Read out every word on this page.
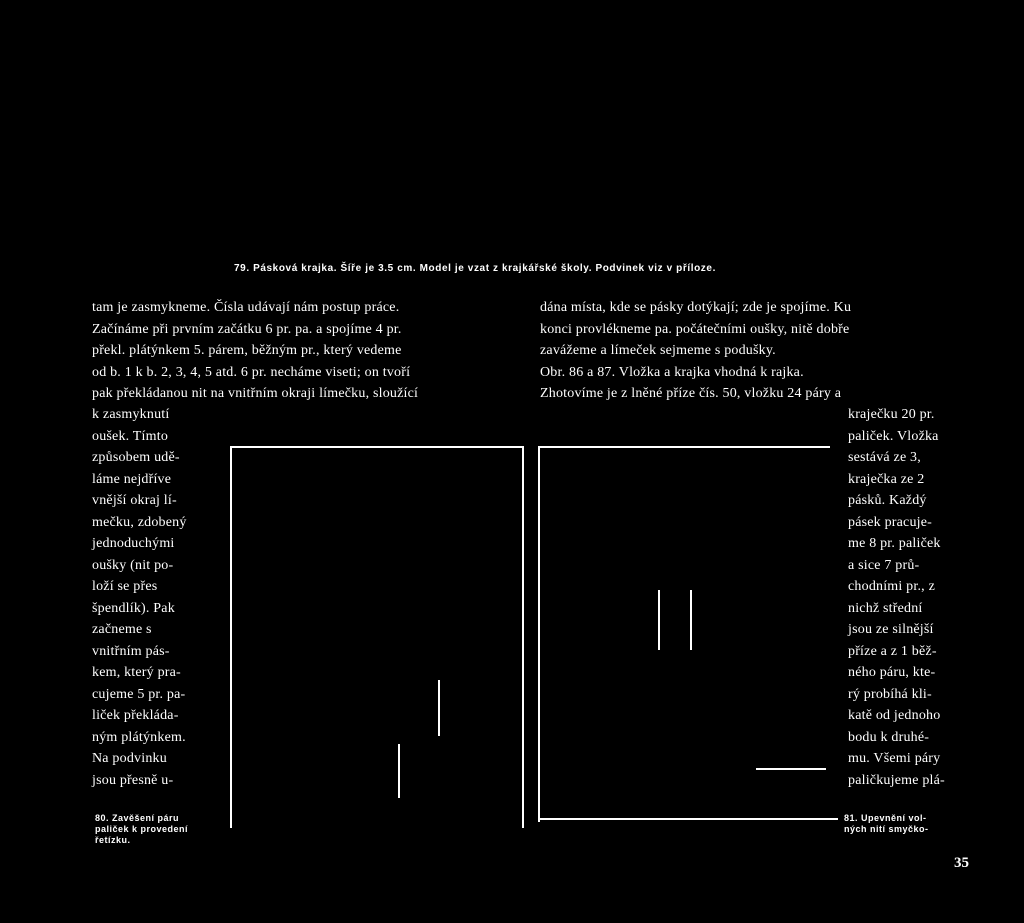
79. Pásková krajka. Šíře je 3.5 cm. Model je vzat z krajkářské školy. Podvinek viz v příloze.
tam je zasmykneme. Čísla udávají nám postup práce.
Začínáme při prvním začátku 6 pr. pa. a spojíme 4 pr.
překl. plátýnkem 5. párem, běžným pr., který vedeme
od b. 1 k b. 2, 3, 4, 5 atd. 6 pr. necháme viseti; on tvoří
pak překládanou nit na vnitřním okraji límečku, sloužící
k zasmyknutí
oušek. Tímto
způsobem udě-
láme nejdříve
vnější okraj lí-
mečku, zdobený
jednoduchými
oušky (nit po-
loží se přes
špendlík). Pak
začneme s
vnitřním pás-
kem, který pra-
cujeme 5 pr. pa-
liček překláda-
ným plátýnkem.
Na podvinku
jsou přesně u-
dána místa, kde se pásky dotýkají; zde je spojíme. Ku
konci provlékneme pa. počátečními oušky, nitě dobře
zavážeme a límeček sejmeme s podušky.
Obr. 86 a 87. Vložka a krajka vhodná k rajka.
Zhotovíme je z lněné příze čís. 50, vložku 24 páry a
kraječku 20 pr.
paliček. Vložka
sestává ze 3,
kraječka ze 2
pásků. Každý
pásek pracuje-
me 8 pr. paliček
a sice 7 prů-
chodními pr., z
nichž střední
jsou ze silnější
příze a z 1 běž-
ného páru, kte-
rý probíhá kli-
katě od jednoho
bodu k druhé-
mu. Všemi páry
paličkujeme plá-
80. Zavěšení páru
paliček k provedení
řetízku.
81. Upevnění vol-
ných nití smyčko-
35
